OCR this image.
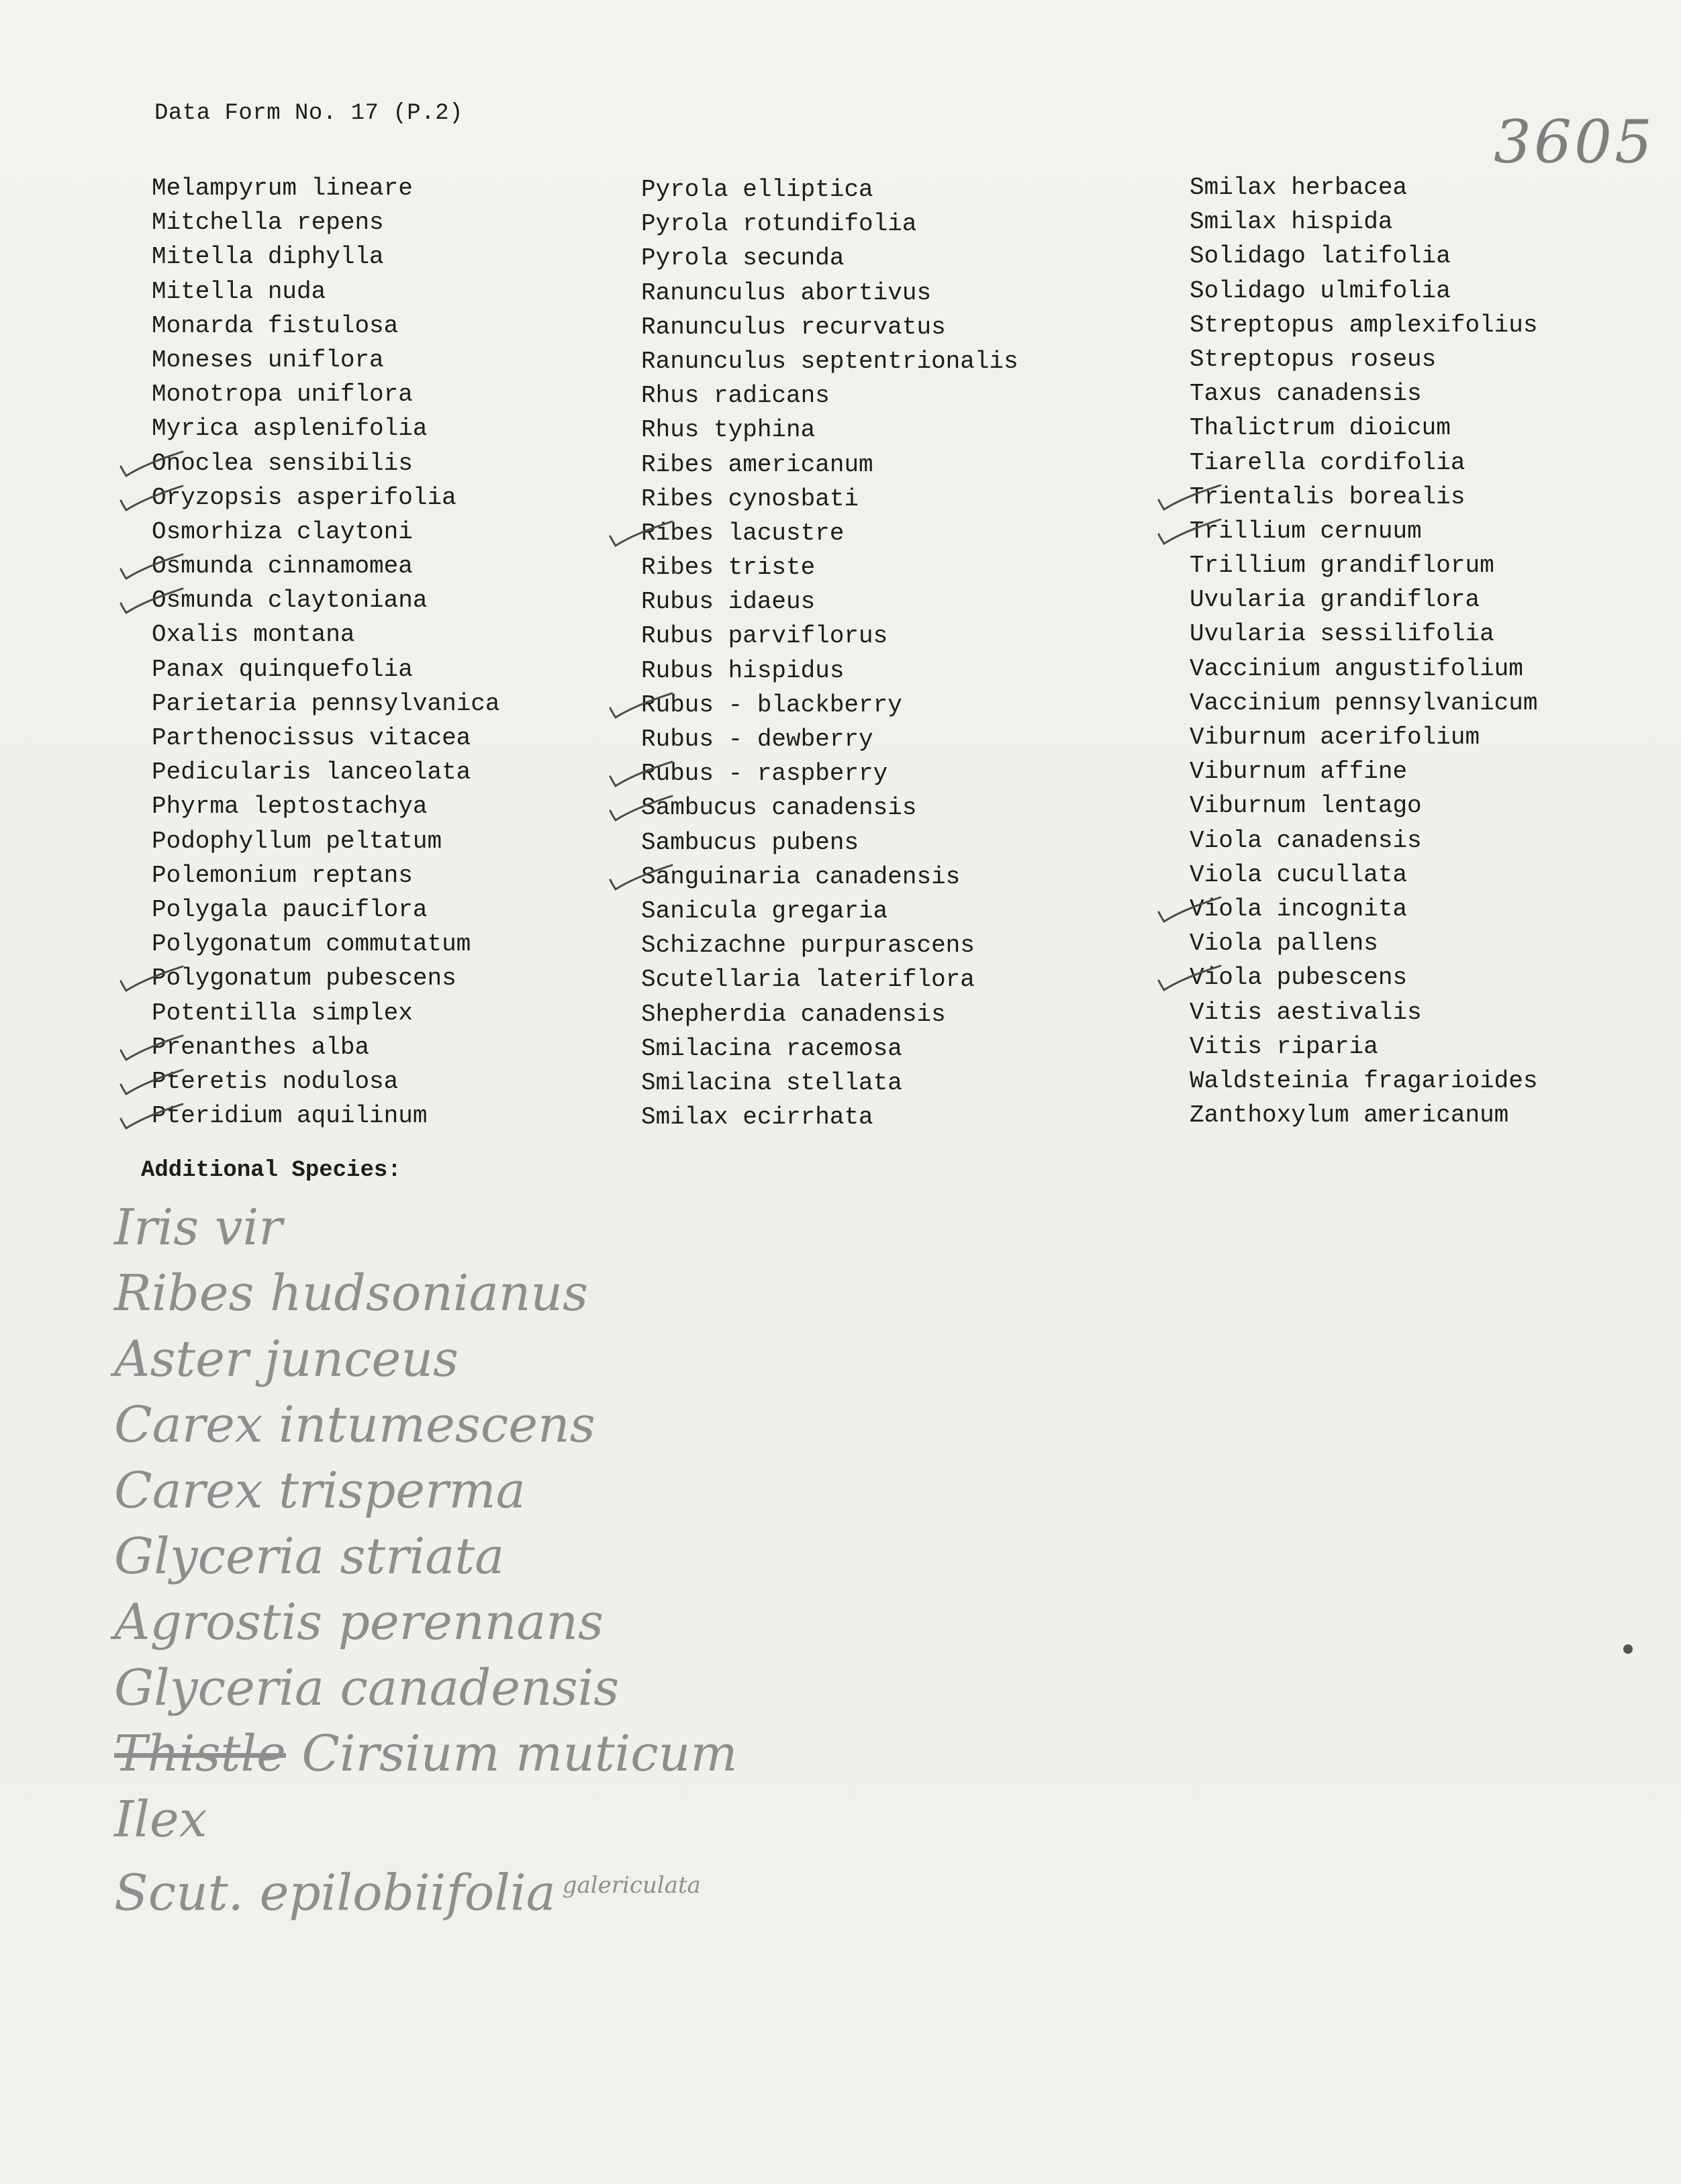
Data Form No. 17 (P.2)	3605
Melampyrum lineare
Mitchella repens
Mitella diphylla
Mitella nuda
Monarda fistulosa
Moneses uniflora
Monotropa uniflora
Myrica asplenifolia
Onoclea sensibilis
Oryzopsis asperifolia
Osmorhiza claytoni
Osmunda cinnamomea
Osmunda claytoniana
Oxalis montana
Panax quinquefolia
Parietaria pennsylvanica
Parthenocissus vitacea
Pedicularis lanceolata
Phyrma leptostachya
Podophyllum peltatum
Polemonium reptans
Polygala pauciflora
Polygonatum commutatum
Polygonatum pubescens
Potentilla simplex
Prenanthes alba
Pteretis nodulosa
Pteridium aquilinum
Pyrola elliptica
Pyrola rotundifolia
Pyrola secunda
Ranunculus abortivus
Ranunculus recurvatus
Ranunculus septentrionalis
Rhus radicans
Rhus typhina
Ribes americanum
Ribes cynosbati
Ribes lacustre
Ribes triste
Rubus idaeus
Rubus parviflorus
Rubus hispidus
Rubus - blackberry
Rubus - dewberry
Rubus - raspberry
Sambucus canadensis
Sambucus pubens
Sanguinaria canadensis
Sanicula gregaria
Schizachne purpurascens
Scutellaria lateriflora
Shepherdia canadensis
Smilacina racemosa
Smilacina stellata
Smilax ecirrhata
Smilax herbacea
Smilax hispida
Solidago latifolia
Solidago ulmifolia
Streptopus amplexifolius
Streptopus roseus
Taxus canadensis
Thalictrum dioicum
Tiarella cordifolia
Trientalis borealis
Trillium cernuum
Trillium grandiflorum
Uvularia grandiflora
Uvularia sessilifolia
Vaccinium angustifolium
Vaccinium pennsylvanicum
Viburnum acerifolium
Viburnum affine
Viburnum lentago
Viola canadensis
Viola cucullata
Viola incognita
Viola pallens
Viola pubescens
Vitis aestivalis
Vitis riparia
Waldsteinia fragarioides
Zanthoxylum americanum
Additional Species:
Iris vir
Ribes hudsonianus
Aster junceus
Carex intumescens
Carex trisperma
Glyceria striata
Agrostis perennans
Glyceria canadensis
Thistle Cirsium muticum
Ilex
Scut. epilobiifolia $^{galericulata}$
